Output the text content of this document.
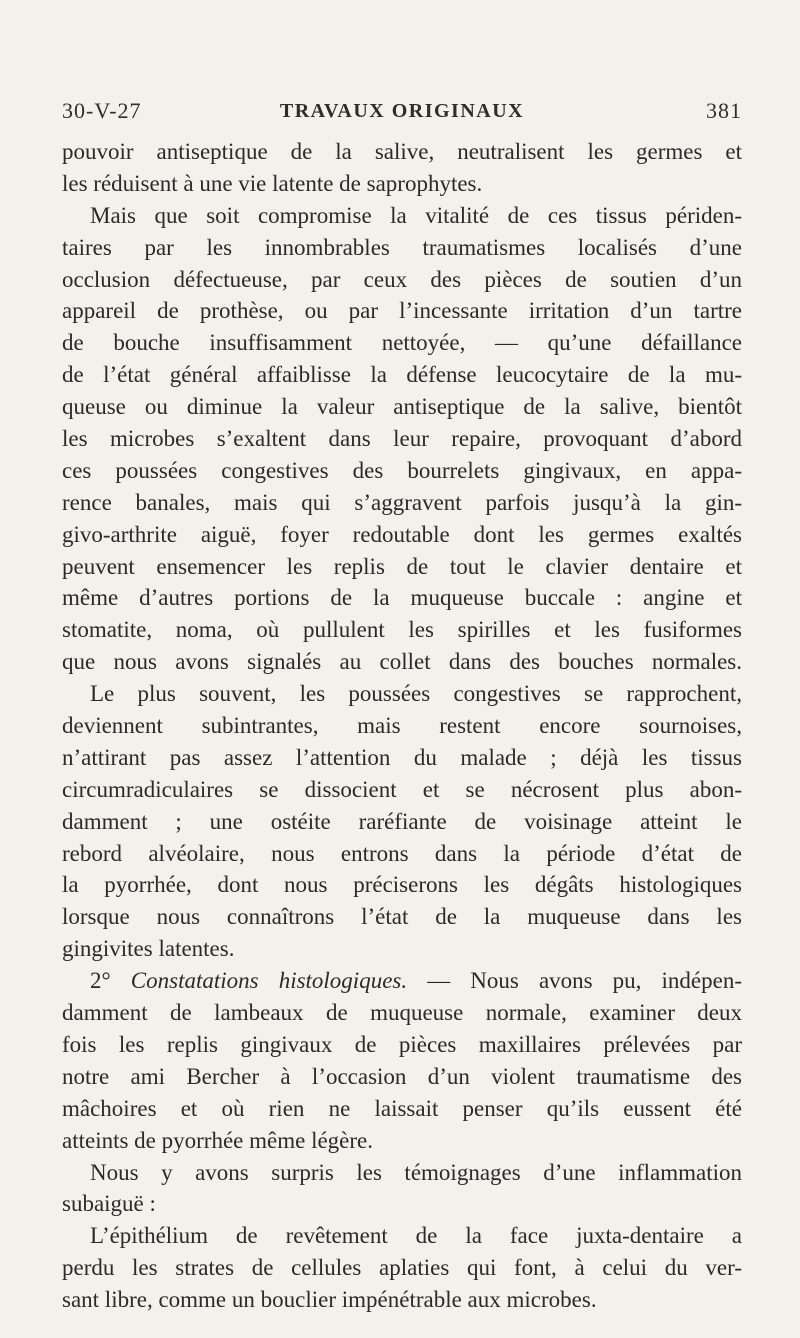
30-V-27	TRAVAUX ORIGINAUX	381
pouvoir antiseptique de la salive, neutralisent les germes et
les réduisent à une vie latente de saprophytes.
Mais que soit compromise la vitalité de ces tissus périden-
taires par les innombrables traumatismes localisés d’une
occlusion défectueuse, par ceux des pièces de soutien d’un
appareil de prothèse, ou par l’incessante irritation d’un tartre
de bouche insuffisamment nettoyée, — qu’une défaillance
de l’état général affaiblisse la défense leucocytaire de la mu-
queuse ou diminue la valeur antiseptique de la salive, bientôt
les microbes s’exaltent dans leur repaire, provoquant d’abord
ces poussées congestives des bourrelets gingivaux, en appa-
rence banales, mais qui s’aggravent parfois jusqu’à la gin-
givo-arthrite aiguë, foyer redoutable dont les germes exaltés
peuvent ensemencer les replis de tout le clavier dentaire et
même d’autres portions de la muqueuse buccale : angine et
stomatite, noma, où pullulent les spirilles et les fusiformes
que nous avons signalés au collet dans des bouches normales.
Le plus souvent, les poussées congestives se rapprochent,
deviennent subintrantes, mais restent encore sournoises,
n’attirant pas assez l’attention du malade ; déjà les tissus
circumradiculaires se dissocient et se nécrosent plus abon-
damment ; une ostéite raréfiante de voisinage atteint le
rebord alvéolaire, nous entrons dans la période d’état de
la pyorrhée, dont nous préciserons les dégâts histologiques
lorsque nous connaîtrons l’état de la muqueuse dans les
gingivites latentes.
2° Constatations histologiques. — Nous avons pu, indépen-
damment de lambeaux de muqueuse normale, examiner deux
fois les replis gingivaux de pièces maxillaires prélevées par
notre ami Bercher à l’occasion d’un violent traumatisme des
mâchoires et où rien ne laissait penser qu’ils eussent été
atteints de pyorrhée même légère.
Nous y avons surpris les témoignages d’une inflammation
subaiguë :
L’épithélium de revêtement de la face juxta-dentaire a
perdu les strates de cellules aplaties qui font, à celui du ver-
sant libre, comme un bouclier impénétrable aux microbes.
